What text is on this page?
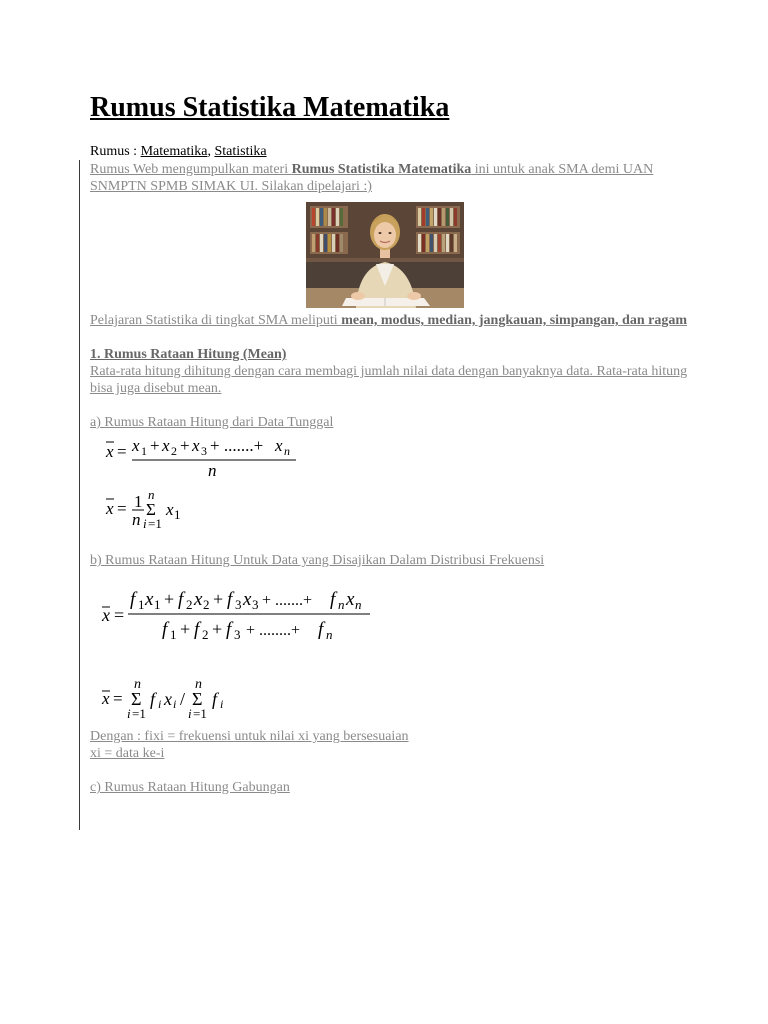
Rumus Statistika Matematika
Rumus : Matematika, Statistika
Rumus Web mengumpulkan materi Rumus Statistika Matematika ini untuk anak SMA demi UAN SNMPTN SPMB SIMAK UI. Silakan dipelajari :)
Pelajaran Statistika di tingkat SMA meliputi mean, modus, median, jangkauan, simpangan, dan ragam
1. Rumus Rataan Hitung (Mean)
Rata-rata hitung dihitung dengan cara membagi jumlah nilai data dengan banyaknya data. Rata-rata hitung bisa juga disebut mean.
a) Rumus Rataan Hitung dari Data Tunggal
x = x 1 + x 2 + x 3 + .......+ x n
n
x = 1
n
n
Σ
i =1
x 1
b) Rumus Rataan Hitung Untuk Data yang Disajikan Dalam Distribusi Frekuensi
x =
f 1 x 1 + f 2 x 2 + f 3 x 3 + .......+ f n x n
f 1 + f 2 + f 3 + ........+ f n
x =
n
Σ
i =1
f i x i /
n
Σ
i =1
f i
Dengan : fixi = frekuensi untuk nilai xi yang bersesuaian
xi = data ke-i
c) Rumus Rataan Hitung Gabungan
